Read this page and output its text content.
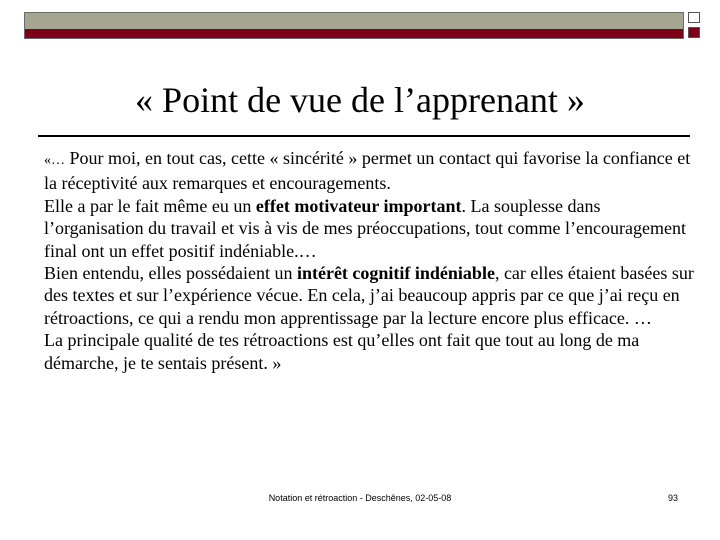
« Point de vue de l’apprenant »

«… Pour moi, en tout cas, cette « sincérité » permet un contact qui favorise la confiance et la réceptivité aux remarques et encouragements.

Elle a par le fait même eu un effet motivateur important. La souplesse dans l’organisation du travail et vis à vis de mes préoccupations, tout comme l’encouragement final ont un effet positif indéniable.…

Bien entendu, elles possédaient un intérêt cognitif indéniable, car elles étaient basées sur des textes et sur l’expérience vécue. En cela, j’ai beaucoup appris par ce que j’ai reçu en rétroactions, ce qui a rendu mon apprentissage par la lecture encore plus efficace. …

La principale qualité de tes rétroactions est qu’elles ont fait que tout au long de ma démarche, je te sentais présent. »

Notation et rétroaction - Deschênes, 02-05-08	93
